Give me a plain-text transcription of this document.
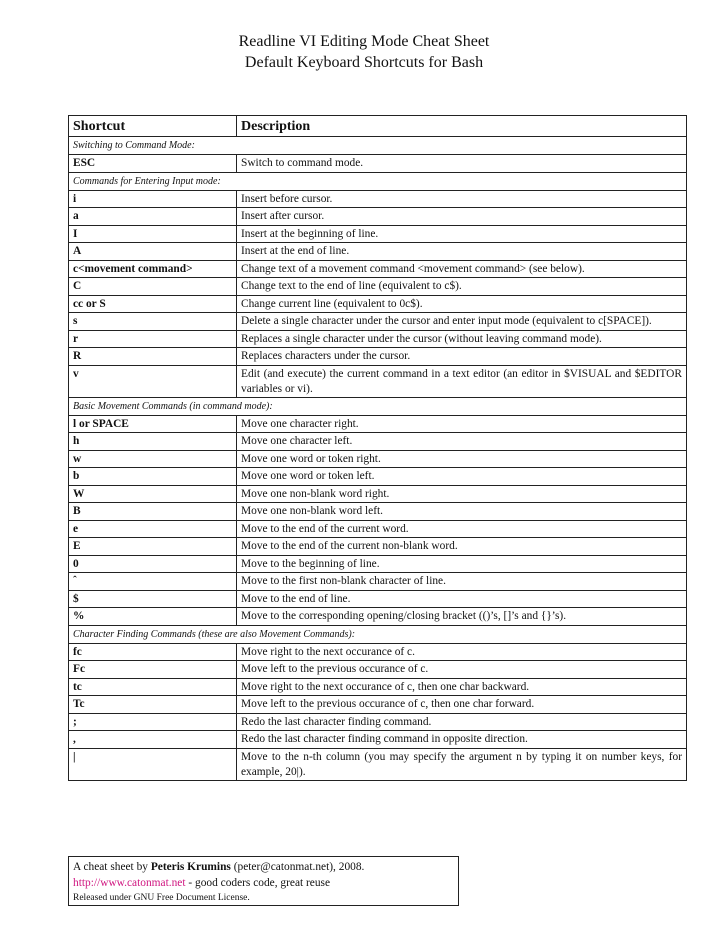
Readline VI Editing Mode Cheat Sheet
Default Keyboard Shortcuts for Bash
Shortcut	Description
Switching to Command Mode:	
ESC	Switch to command mode.
Commands for Entering Input mode:	
i	Insert before cursor.
a	Insert after cursor.
I	Insert at the beginning of line.
A	Insert at the end of line.
c<movement command>	Change text of a movement command <movement command> (see below).
C	Change text to the end of line (equivalent to c$).
cc or S	Change current line (equivalent to 0c$).
s	Delete a single character under the cursor and enter input mode (equivalent to c[SPACE]).
r	Replaces a single character under the cursor (without leaving command mode).
R	Replaces characters under the cursor.
v	Edit (and execute) the current command in a text editor (an editor in $VISUAL and $EDITOR variables or vi).
Basic Movement Commands (in command mode):	
l or SPACE	Move one character right.
h	Move one character left.
w	Move one word or token right.
b	Move one word or token left.
W	Move one non-blank word right.
B	Move one non-blank word left.
e	Move to the end of the current word.
E	Move to the end of the current non-blank word.
0	Move to the beginning of line.
ˆ	Move to the first non-blank character of line.
$	Move to the end of line.
%	Move to the corresponding opening/closing bracket (()’s, []’s and {}’s).
Character Finding Commands (these are also Movement Commands):	
fc	Move right to the next occurance of c.
Fc	Move left to the previous occurance of c.
tc	Move right to the next occurance of c, then one char backward.
Tc	Move left to the previous occurance of c, then one char forward.
;	Redo the last character finding command.
,	Redo the last character finding command in opposite direction.
|	Move to the n-th column (you may specify the argument n by typing it on number keys, for example, 20|).
A cheat sheet by Peteris Krumins (peter@catonmat.net), 2008.
http://www.catonmat.net - good coders code, great reuse
Released under GNU Free Document License.
